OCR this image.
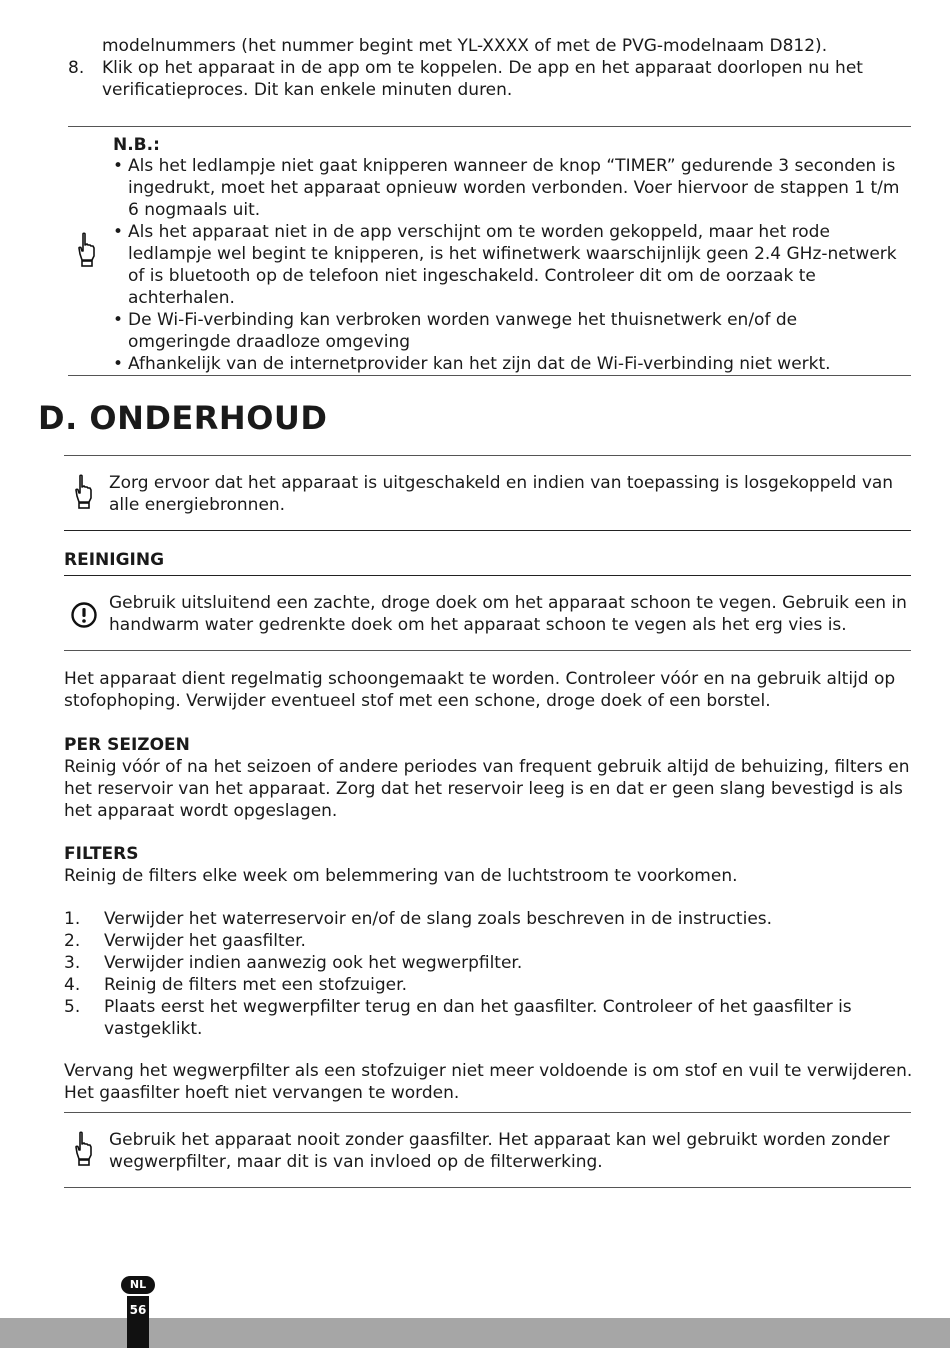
modelnummers (het nummer begint met YL-XXXX of met de PVG-modelnaam D812).
8. Klik op het apparaat in de app om te koppelen. De app en het apparaat doorlopen nu het verificatieproces. Dit kan enkele minuten duren.
N.B.:
• Als het ledlampje niet gaat knipperen wanneer de knop “TIMER” gedurende 3 seconden is ingedrukt, moet het apparaat opnieuw worden verbonden. Voer hiervoor de stappen 1 t/m 6 nogmaals uit.
• Als het apparaat niet in de app verschijnt om te worden gekoppeld, maar het rode ledlampje wel begint te knipperen, is het wifinetwerk waarschijnlijk geen 2.4 GHz-netwerk of is bluetooth op de telefoon niet ingeschakeld. Controleer dit om de oorzaak te achterhalen.
• De Wi-Fi-verbinding kan verbroken worden vanwege het thuisnetwerk en/of de omgeringde draadloze omgeving
• Afhankelijk van de internetprovider kan het zijn dat de Wi-Fi-verbinding niet werkt.
D. ONDERHOUD
Zorg ervoor dat het apparaat is uitgeschakeld en indien van toepassing is losgekoppeld van alle energiebronnen.
REINIGING
Gebruik uitsluitend een zachte, droge doek om het apparaat schoon te vegen. Gebruik een in handwarm water gedrenkte doek om het apparaat schoon te vegen als het erg vies is.
Het apparaat dient regelmatig schoongemaakt te worden. Controleer vóór en na gebruik altijd op stofophoping. Verwijder eventueel stof met een schone, droge doek of een borstel.
PER SEIZOEN
Reinig vóór of na het seizoen of andere periodes van frequent gebruik altijd de behuizing, filters en het reservoir van het apparaat. Zorg dat het reservoir leeg is en dat er geen slang bevestigd is als het apparaat wordt opgeslagen.
FILTERS
Reinig de filters elke week om belemmering van de luchtstroom te voorkomen.
1. Verwijder het waterreservoir en/of de slang zoals beschreven in de instructies.
2. Verwijder het gaasfilter.
3. Verwijder indien aanwezig ook het wegwerpfilter.
4. Reinig de filters met een stofzuiger.
5. Plaats eerst het wegwerpfilter terug en dan het gaasfilter. Controleer of het gaasfilter is vastgeklikt.
Vervang het wegwerpfilter als een stofzuiger niet meer voldoende is om stof en vuil te verwijderen. Het gaasfilter hoeft niet vervangen te worden.
Gebruik het apparaat nooit zonder gaasfilter. Het apparaat kan wel gebruikt worden zonder wegwerpfilter, maar dit is van invloed op de filterwerking.
NL
56
